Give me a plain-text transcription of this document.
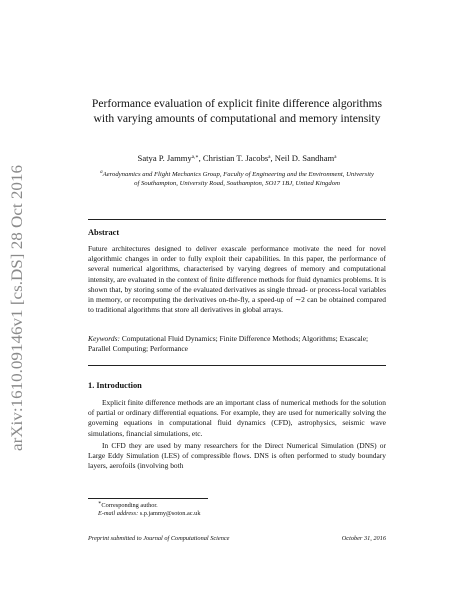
arXiv:1610.09146v1 [cs.DS] 28 Oct 2016
Performance evaluation of explicit finite difference algorithms with varying amounts of computational and memory intensity
Satya P. Jammy$^{a,∗}$, Christian T. Jacobs$^a$, Neil D. Sandham$^a$
$^a$Aerodynamics and Flight Mechanics Group, Faculty of Engineering and the Environment, University of Southampton, University Road, Southampton, SO17 1BJ, United Kingdom
Abstract
Future architectures designed to deliver exascale performance motivate the need for novel algorithmic changes in order to fully exploit their capabilities. In this paper, the performance of several numerical algorithms, characterised by varying degrees of memory and computational intensity, are evaluated in the context of finite difference methods for fluid dynamics problems. It is shown that, by storing some of the evaluated derivatives as single thread- or process-local variables in memory, or recomputing the derivatives on-the-fly, a speed-up of ∼2 can be obtained compared to traditional algorithms that store all derivatives in global arrays.
Keywords: Computational Fluid Dynamics; Finite Difference Methods; Algorithms; Exascale; Parallel Computing; Performance
1. Introduction

Explicit finite difference methods are an important class of numerical methods for the solution of partial or ordinary differential equations. For example, they are used for numerically solving the governing equations in computational fluid dynamics (CFD), astrophysics, seismic wave simulations, financial simulations, etc.

In CFD they are used by many researchers for the Direct Numerical Simulation (DNS) or Large Eddy Simulation (LES) of compressible flows. DNS is often performed to study boundary layers, aerofoils (involving both

∗Corresponding author.
E-mail address: s.p.jammy@soton.ac.uk
Preprint submitted to Journal of Computational Science	October 31, 2016
